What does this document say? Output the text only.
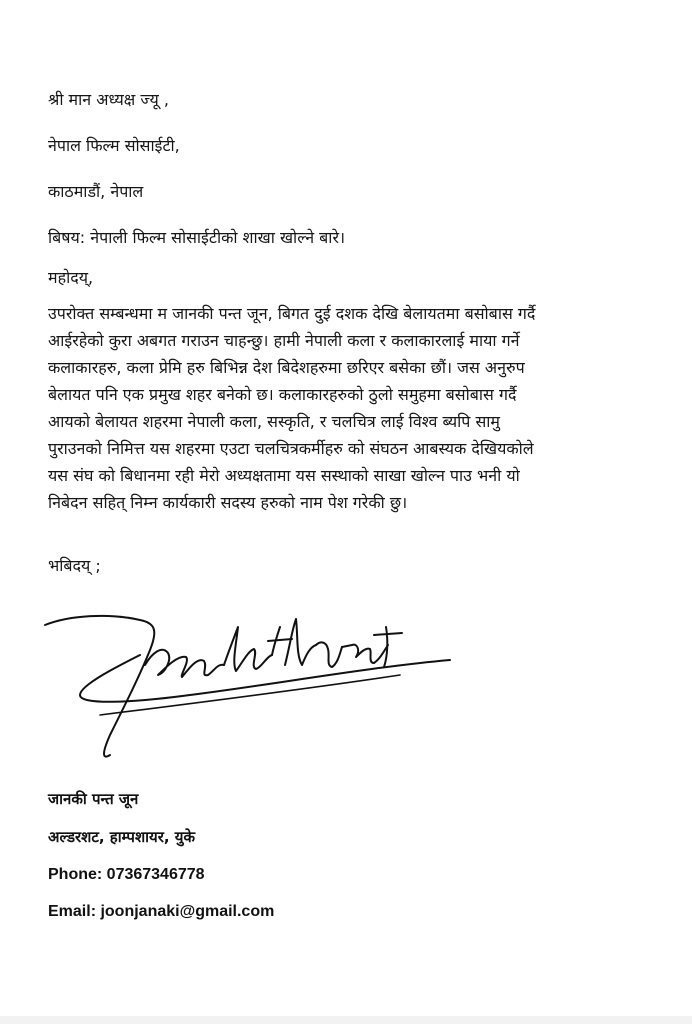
श्री मान अध्यक्ष ज्यू ,
नेपाल फिल्म सोसाईटी,
काठमाडौं, नेपाल
बिषय: नेपाली फिल्म सोसाईटीको शाखा खोल्ने बारे।
महोदय्,
उपरोक्त सम्बन्धमा म जानकी पन्त जून, बिगत दुई दशक देखि बेलायतमा बसोबास गर्दै
आईरहेको कुरा अबगत गराउन चाहन्छु। हामी नेपाली कला र कलाकारलाई माया गर्ने
कलाकारहरु, कला प्रेमि हरु बिभिन्न देश बिदेशहरुमा छरिएर बसेका छौं। जस अनुरुप
बेलायत पनि एक प्रमुख शहर बनेको छ। कलाकारहरुको ठुलो समुहमा बसोबास गर्दै
आयको बेलायत शहरमा नेपाली कला, सस्कृति, र चलचित्र लाई विश्व ब्यपि सामु
पुराउनको निमित्त यस शहरमा एउटा चलचित्रकर्मीहरु को संघठन आबस्यक देखियकोले
यस संघ को बिधानमा रही मेरो अध्यक्षतामा यस सस्थाको साखा खोल्न पाउ भनी यो
निबेदन सहित् निम्न कार्यकारी सदस्य हरुको नाम पेश गरेकी छु।
भबिदय् ;
जानकी पन्त जून
अल्डरशट, हाम्पशायर, युके
Phone: 07367346778
Email: joonjanaki@gmail.com
